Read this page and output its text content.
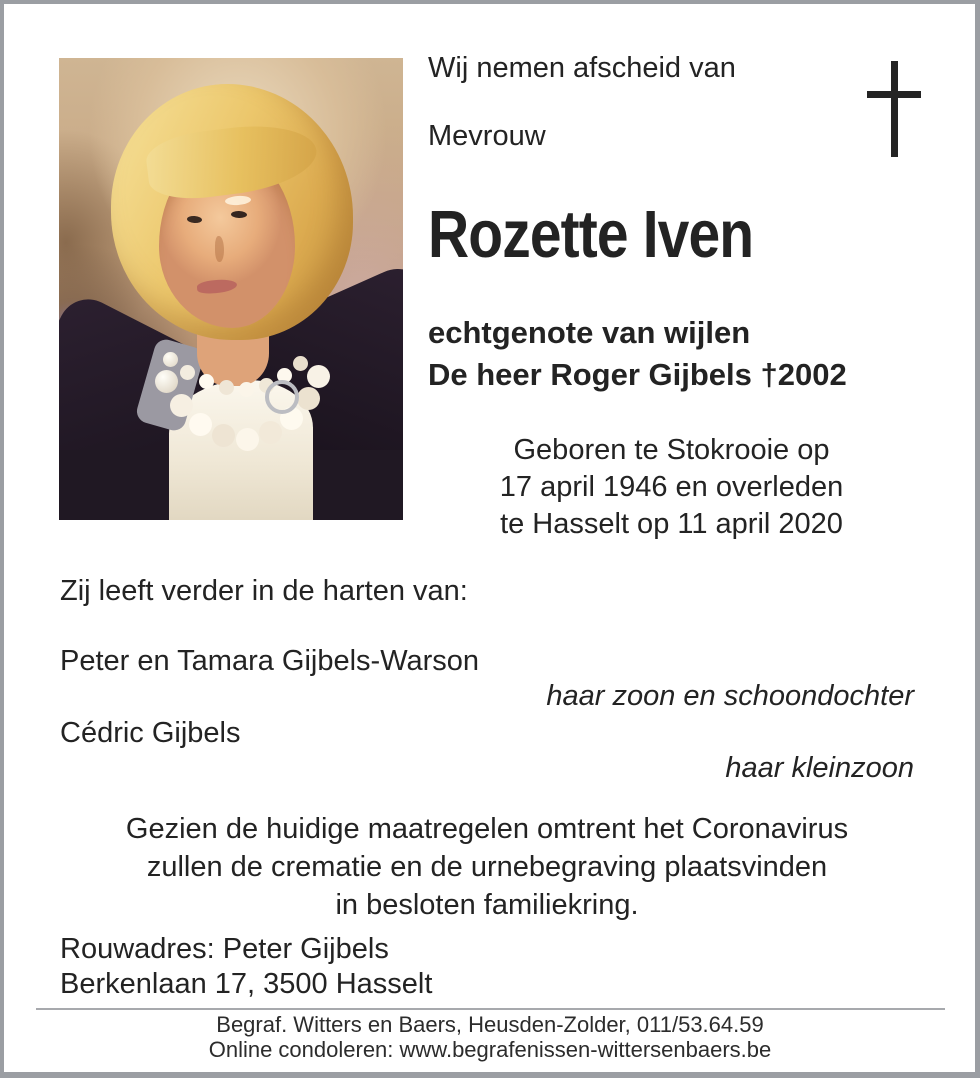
Wij nemen afscheid van
Mevrouw
Rozette Iven
echtgenote van wijlen
De heer Roger Gijbels †2002
Geboren te Stokrooie op
17 april 1946 en overleden
te Hasselt op 11 april 2020
Zij leeft verder in de harten van:
Peter en Tamara Gijbels-Warson
haar zoon en schoondochter
Cédric Gijbels
haar kleinzoon
Gezien de huidige maatregelen omtrent het Coronavirus
zullen de crematie en de urnebegraving plaatsvinden
in besloten familiekring.
Rouwadres: Peter Gijbels
Berkenlaan 17, 3500 Hasselt
Begraf. Witters en Baers, Heusden-Zolder, 011/53.64.59
Online condoleren: www.begrafenissen-wittersenbaers.be
